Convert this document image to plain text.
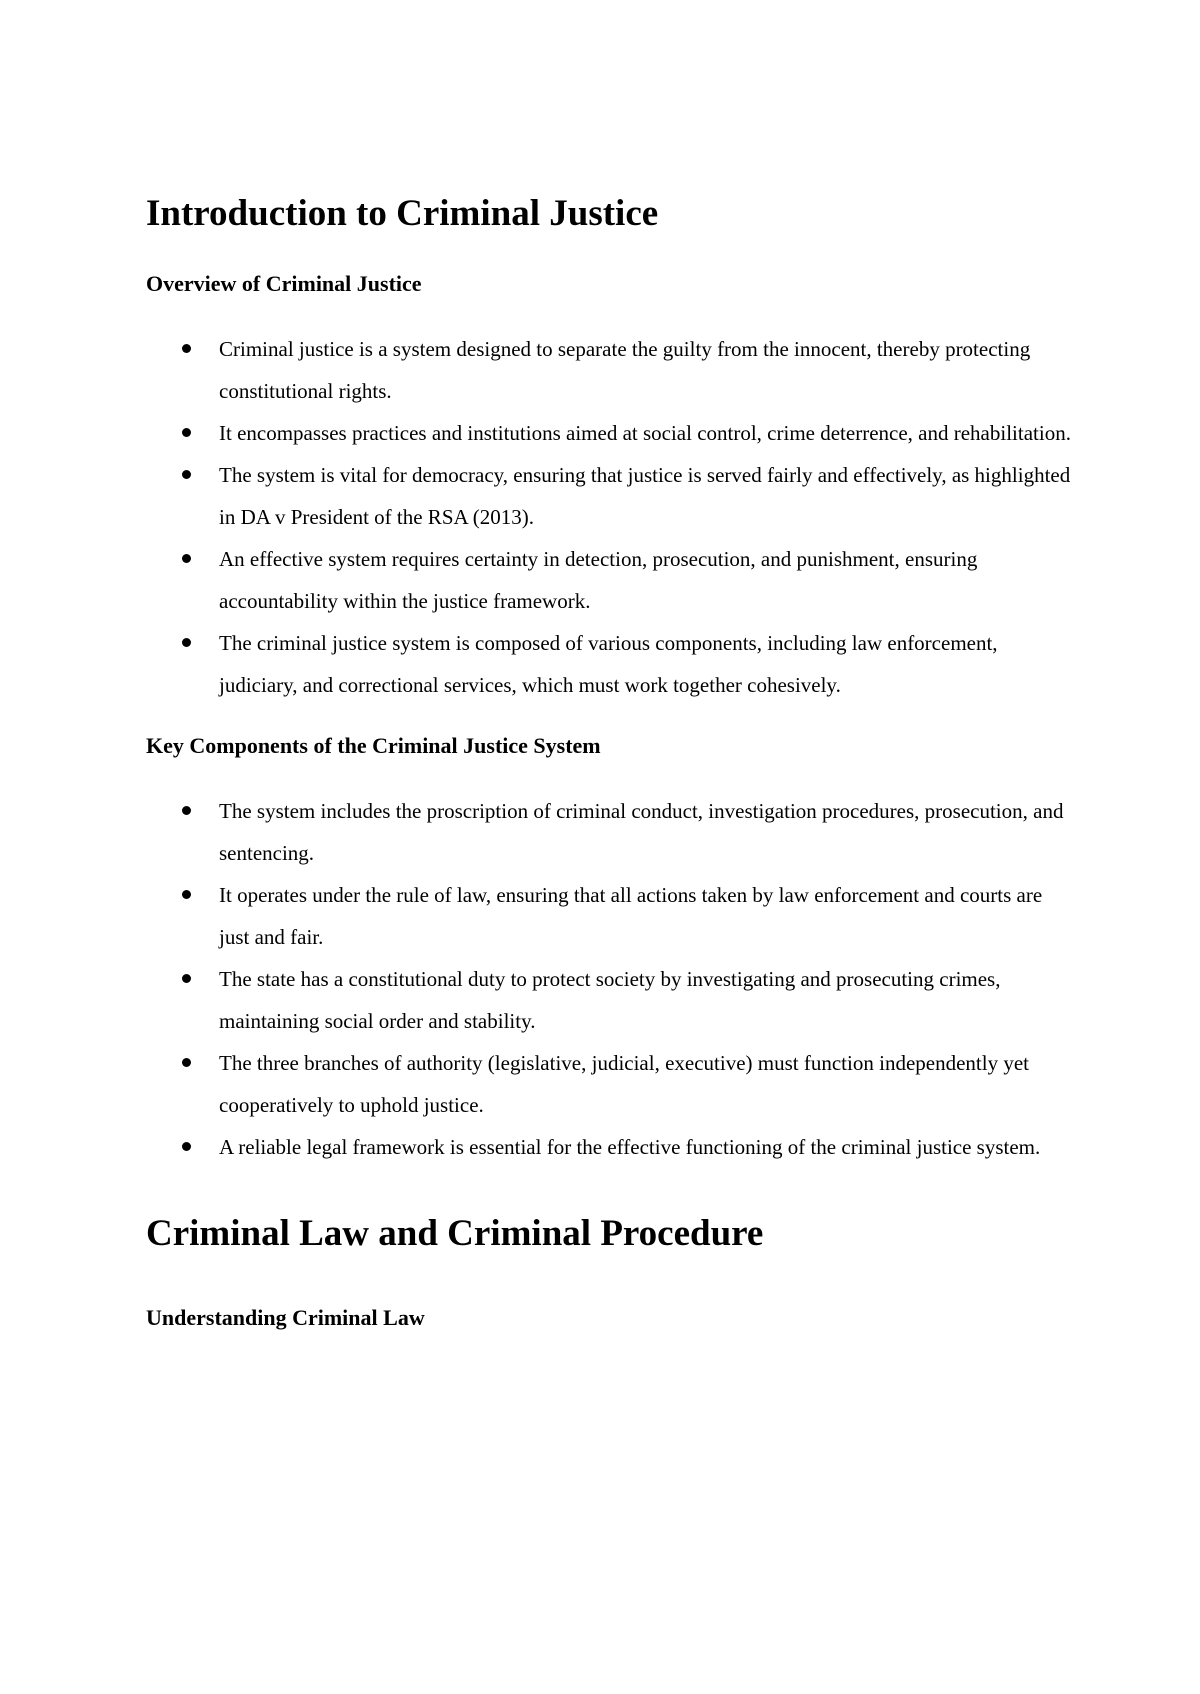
Introduction to Criminal Justice
Overview of Criminal Justice
Criminal justice is a system designed to separate the guilty from the innocent, thereby protecting constitutional rights.
It encompasses practices and institutions aimed at social control, crime deterrence, and rehabilitation.
The system is vital for democracy, ensuring that justice is served fairly and effectively, as highlighted in DA v President of the RSA (2013).
An effective system requires certainty in detection, prosecution, and punishment, ensuring accountability within the justice framework.
The criminal justice system is composed of various components, including law enforcement, judiciary, and correctional services, which must work together cohesively.
Key Components of the Criminal Justice System
The system includes the proscription of criminal conduct, investigation procedures, prosecution, and sentencing.
It operates under the rule of law, ensuring that all actions taken by law enforcement and courts are just and fair.
The state has a constitutional duty to protect society by investigating and prosecuting crimes, maintaining social order and stability.
The three branches of authority (legislative, judicial, executive) must function independently yet cooperatively to uphold justice.
A reliable legal framework is essential for the effective functioning of the criminal justice system.
Criminal Law and Criminal Procedure
Understanding Criminal Law
